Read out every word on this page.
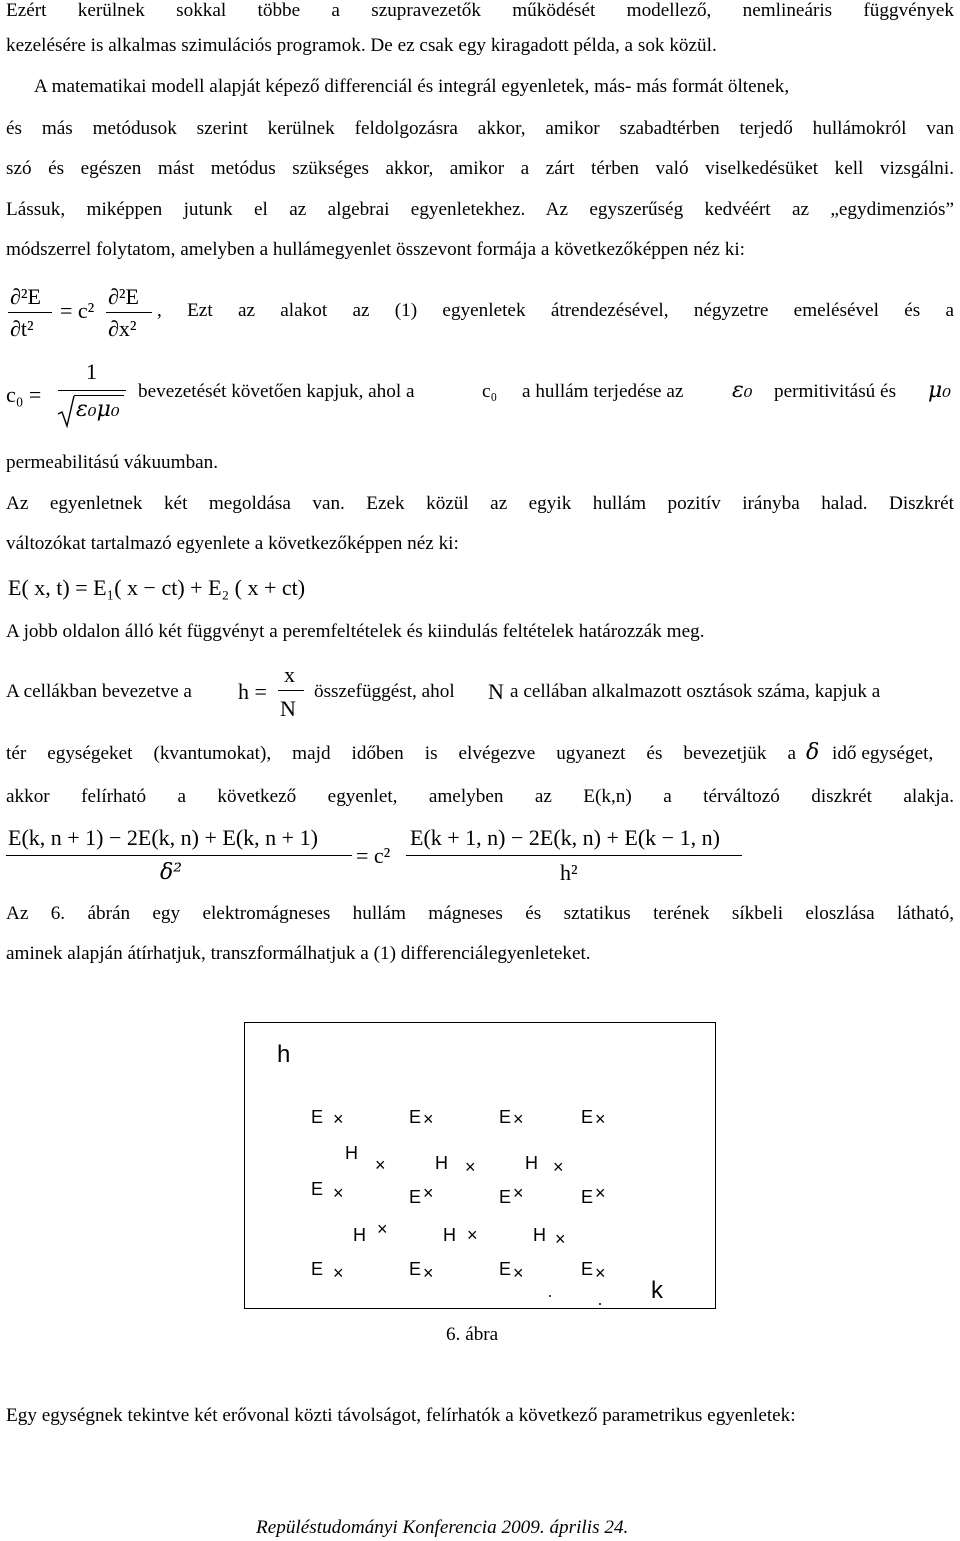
Ezért kerülnek sokkal többe a szupravezetők működését modellező, nemlineáris függvények
kezelésére is alkalmas szimulációs programok. De ez csak egy kiragadott példa, a sok közül.
A matematikai modell alapját képező differenciál és integrál egyenletek, más- más formát öltenek,
és más metódusok szerint kerülnek feldolgozásra akkor, amikor szabadtérben terjedő hullámokról van
szó és egészen mást metódus szükséges akkor, amikor a zárt térben való viselkedésüket kell vizsgálni.
Lássuk, miképpen jutunk el az algebrai egyenletekhez. Az egyszerűség kedvéért az „egydimenziós”
módszerrel folytatom, amelyben a hullámegyenlet összevont formája a következőképpen néz ki:
∂²E
∂t²
= c²
∂²E
∂x²
, Ezt az alakot az (1) egyenletek átrendezésével, négyzetre emelésével és a
c₀ =
1
ε₀μ₀
bevezetését követően kapjuk, ahol a	c₀ a hullám terjedése az ε₀ permitivitású és μ₀
permeabilitású vákuumban.
Az egyenletnek két megoldása van. Ezek közül az egyik hullám pozitív irányba halad. Diszkrét
változókat tartalmazó egyenlete a következőképpen néz ki:
E( x, t) = E₁( x − ct) + E₂ ( x + ct)
A jobb oldalon álló két függvényt a peremfeltételek és kiindulás feltételek határozzák meg.
A cellákban bevezetve a h =
x
N
összefüggést, ahol N a cellában alkalmazott osztások száma, kapjuk a
tér egységeket (kvantumokat), majd időben is elvégezve ugyanezt és bevezetjük a δ idő egységet,
akkor felírható a következő egyenlet, amelyben az E(k,n) a térváltozó diszkrét alakja.
E(k, n + 1) − 2E(k, n) + E(k, n + 1)
δ²
= c²
E(k + 1, n) − 2E(k, n) + E(k − 1, n)
h²
Az 6. ábrán egy elektromágneses hullám mágneses és sztatikus terének síkbeli eloszlása látható,
aminek alapján átírhatjuk, transzformálhatjuk a (1) differenciálegyenleteket.
h
k
E ×	E ×	E ×	E ×
H
×	H ×	H ×
E ×	E ×	E ×	E ×
H ×	H ×	H ×
E ×	E ×	E ×	E ×
6. ábra
Egy egységnek tekintve két erővonal közti távolságot, felírhatók a következő parametrikus egyenletek:
Repüléstudományi Konferencia 2009. április 24.
